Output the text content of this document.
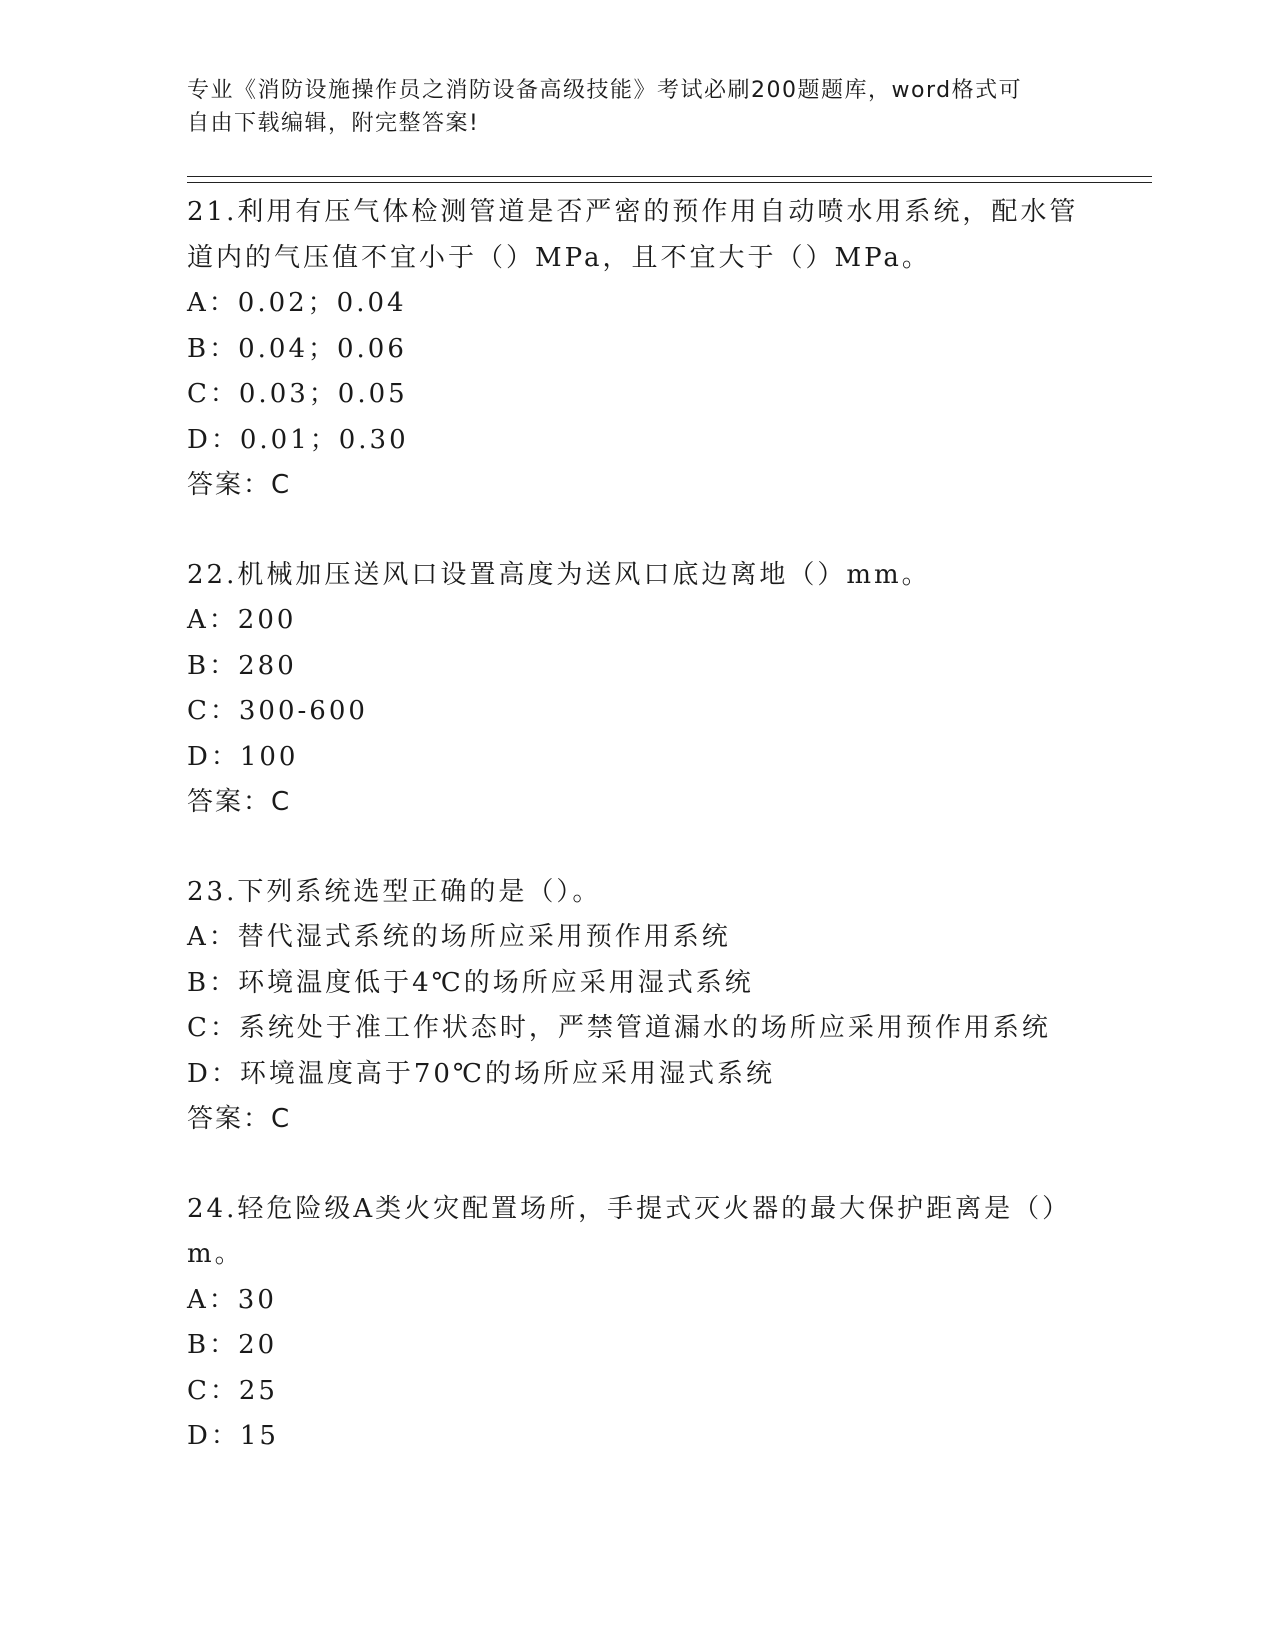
专业《消防设施操作员之消防设备高级技能》考试必刷200题题库，word格式可
自由下载编辑，附完整答案!
21.利用有压气体检测管道是否严密的预作用自动喷水用系统，配水管
道内的气压值不宜小于（）MPa，且不宜大于（）MPa。
A：0.02；0.04
B：0.04；0.06
C：0.03；0.05
D：0.01；0.30
答案：C
22.机械加压送风口设置高度为送风口底边离地（）mm。
A：200
B：280
C：300-600
D：100
答案：C
23.下列系统选型正确的是（）。
A：替代湿式系统的场所应采用预作用系统
B：环境温度低于4℃的场所应采用湿式系统
C：系统处于准工作状态时，严禁管道漏水的场所应采用预作用系统
D：环境温度高于70℃的场所应采用湿式系统
答案：C
24.轻危险级A类火灾配置场所，手提式灭火器的最大保护距离是（）
m。
A：30
B：20
C：25
D：15
